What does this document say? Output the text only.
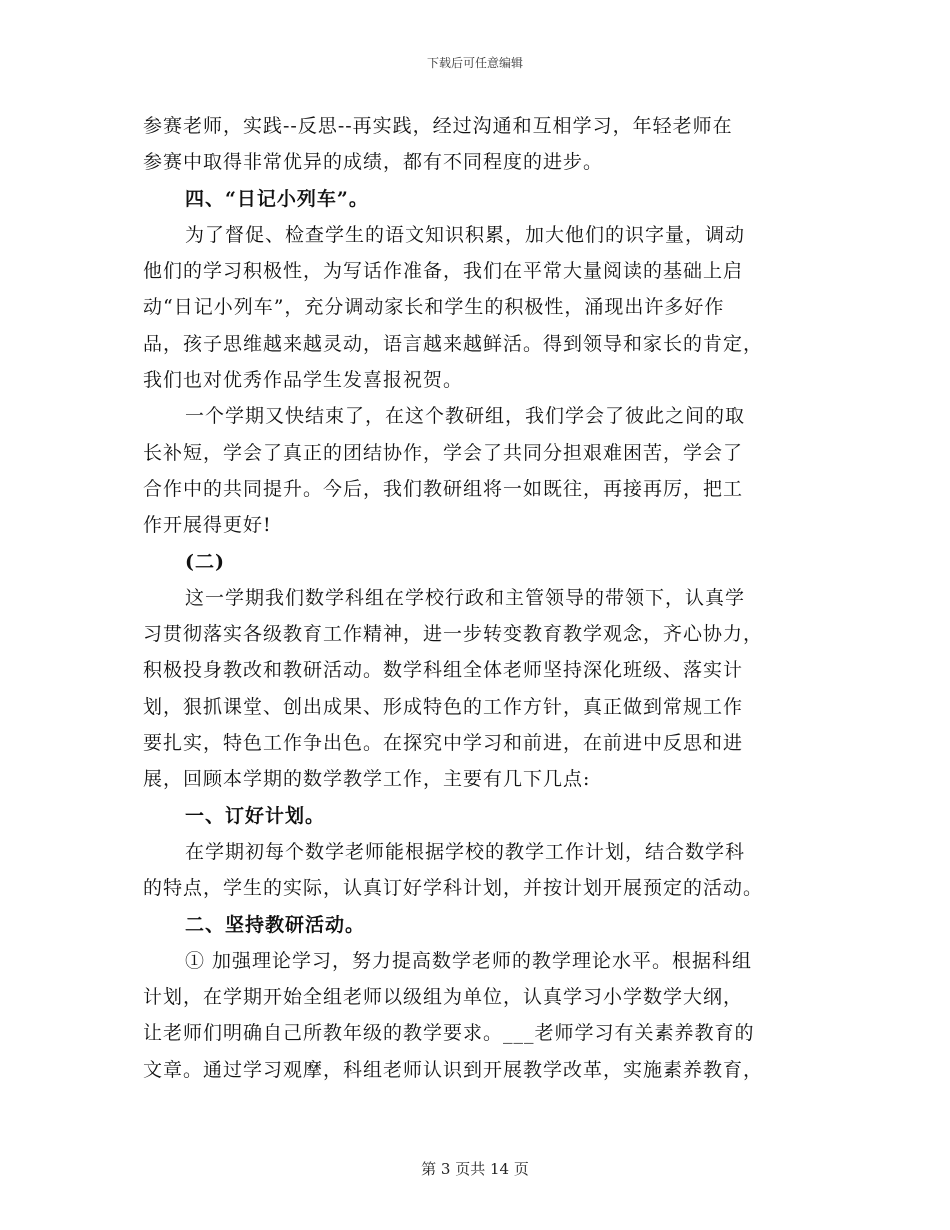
下载后可任意编辑
参赛老师，实践--反思--再实践，经过沟通和互相学习，年轻老师在
参赛中取得非常优异的成绩，都有不同程度的进步。
四、“日记小列车”。
为了督促、检查学生的语文知识积累，加大他们的识字量，调动
他们的学习积极性，为写话作准备，我们在平常大量阅读的基础上启
动“日记小列车”，充分调动家长和学生的积极性，涌现出许多好作
品，孩子思维越来越灵动，语言越来越鲜活。得到领导和家长的肯定，
我们也对优秀作品学生发喜报祝贺。
一个学期又快结束了，在这个教研组，我们学会了彼此之间的取
长补短，学会了真正的团结协作，学会了共同分担艰难困苦，学会了
合作中的共同提升。今后，我们教研组将一如既往，再接再厉，把工
作开展得更好!
(二)
这一学期我们数学科组在学校行政和主管领导的带领下，认真学
习贯彻落实各级教育工作精神，进一步转变教育教学观念，齐心协力，
积极投身教改和教研活动。数学科组全体老师坚持深化班级、落实计
划，狠抓课堂、创出成果、形成特色的工作方针，真正做到常规工作
要扎实，特色工作争出色。在探究中学习和前进，在前进中反思和进
展，回顾本学期的数学教学工作，主要有几下几点:
一、订好计划。
在学期初每个数学老师能根据学校的教学工作计划，结合数学科
的特点，学生的实际，认真订好学科计划，并按计划开展预定的活动。
二、坚持教研活动。
① 加强理论学习，努力提高数学老师的教学理论水平。根据科组
计划，在学期开始全组老师以级组为单位，认真学习小学数学大纲，
让老师们明确自己所教年级的教学要求。___老师学习有关素养教育的
文章。通过学习观摩，科组老师认识到开展教学改革，实施素养教育，
第 3 页共 14 页
